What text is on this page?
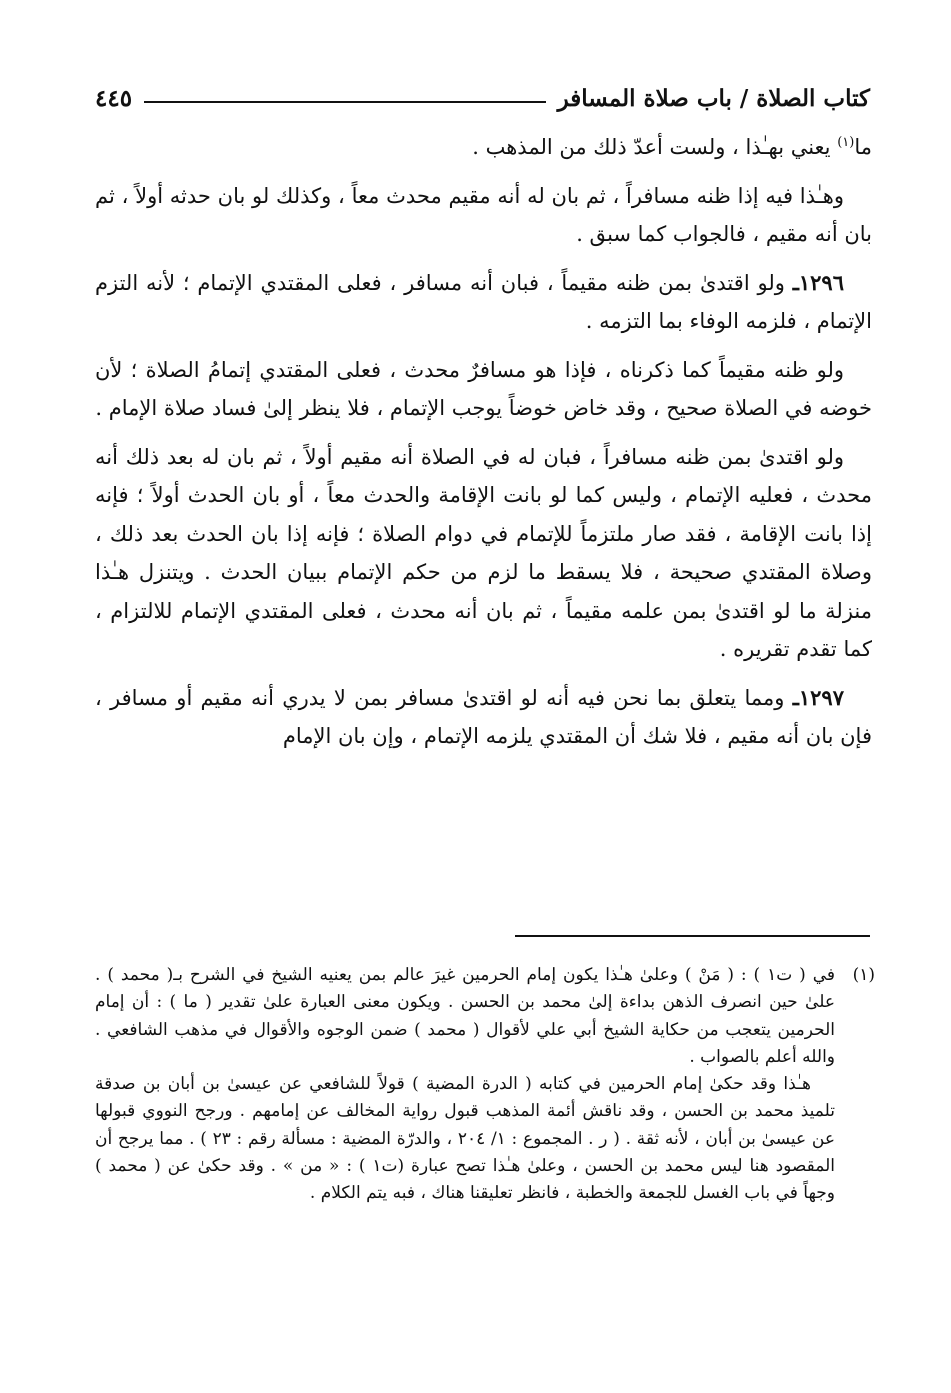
كتاب الصلاة / باب صلاة المسافر
٤٤٥

ما$^{(١)}$ يعني بهـٰذا ، ولست أعدّ ذلك من المذهب .

وهـٰذا فيه إذا ظنه مسافراً ، ثم بان له أنه مقيم محدث معاً ، وكذلك لو بان حدثه أولاً ، ثم بان أنه مقيم ، فالجواب كما سبق .

١٢٩٦ـ ولو اقتدىٰ بمن ظنه مقيماً ، فبان أنه مسافر ، فعلى المقتدي الإتمام ؛ لأنه التزم الإتمام ، فلزمه الوفاء بما التزمه .

ولو ظنه مقيماً كما ذكرناه ، فإذا هو مسافرٌ محدث ، فعلى المقتدي إتمامُ الصلاة ؛ لأن خوضه في الصلاة صحيح ، وقد خاض خوضاً يوجب الإتمام ، فلا ينظر إلىٰ فساد صلاة الإمام .

ولو اقتدىٰ بمن ظنه مسافراً ، فبان له في الصلاة أنه مقيم أولاً ، ثم بان له بعد ذلك أنه محدث ، فعليه الإتمام ، وليس كما لو بانت الإقامة والحدث معاً ، أو بان الحدث أولاً ؛ فإنه إذا بانت الإقامة ، فقد صار ملتزماً للإتمام في دوام الصلاة ؛ فإنه إذا بان الحدث بعد ذلك ، وصلاة المقتدي صحيحة ، فلا يسقط ما لزم من حكم الإتمام ببيان الحدث . ويتنزل هـٰذا منزلة ما لو اقتدىٰ بمن علمه مقيماً ، ثم بان أنه محدث ، فعلى المقتدي الإتمام للالتزام ، كما تقدم تقريره .

١٢٩٧ـ ومما يتعلق بما نحن فيه أنه لو اقتدىٰ مسافر بمن لا يدري أنه مقيم أو مسافر ، فإن بان أنه مقيم ، فلا شك أن المقتدي يلزمه الإتمام ، وإن بان الإمام

(١)

في ( ت١ ) : ( مَنْ ) وعلىٰ هـٰذا يكون إمام الحرمين غيرَ عالم بمن يعنيه الشيخ في الشرح بـ( محمد ) . علىٰ حين انصرف الذهن بداءة إلىٰ محمد بن الحسن . ويكون معنى العبارة علىٰ تقدير ( ما ) : أن إمام الحرمين يتعجب من حكاية الشيخ أبي علي لأقوال ( محمد ) ضمن الوجوه والأقوال في مذهب الشافعي . والله أعلم بالصواب .

هـٰذا وقد حكىٰ إمام الحرمين في كتابه ( الدرة المضية ) قولاً للشافعي عن عيسىٰ بن أبان بن صدقة تلميذ محمد بن الحسن ، وقد ناقش أئمة المذهب قبول رواية المخالف عن إمامهم . ورجح النووي قبولها عن عيسىٰ بن أبان ، لأنه ثقة . ( ر . المجموع : ١/ ٢٠٤ ، والدرّة المضية : مسألة رقم : ٢٣ ) . مما يرجح أن المقصود هنا ليس محمد بن الحسن ، وعلىٰ هـٰذا تصح عبارة (ت١ ) : « من » . وقد حكىٰ عن ( محمد ) وجهاً في باب الغسل للجمعة والخطبة ، فانظر تعليقنا هناك ، فبه يتم الكلام .
